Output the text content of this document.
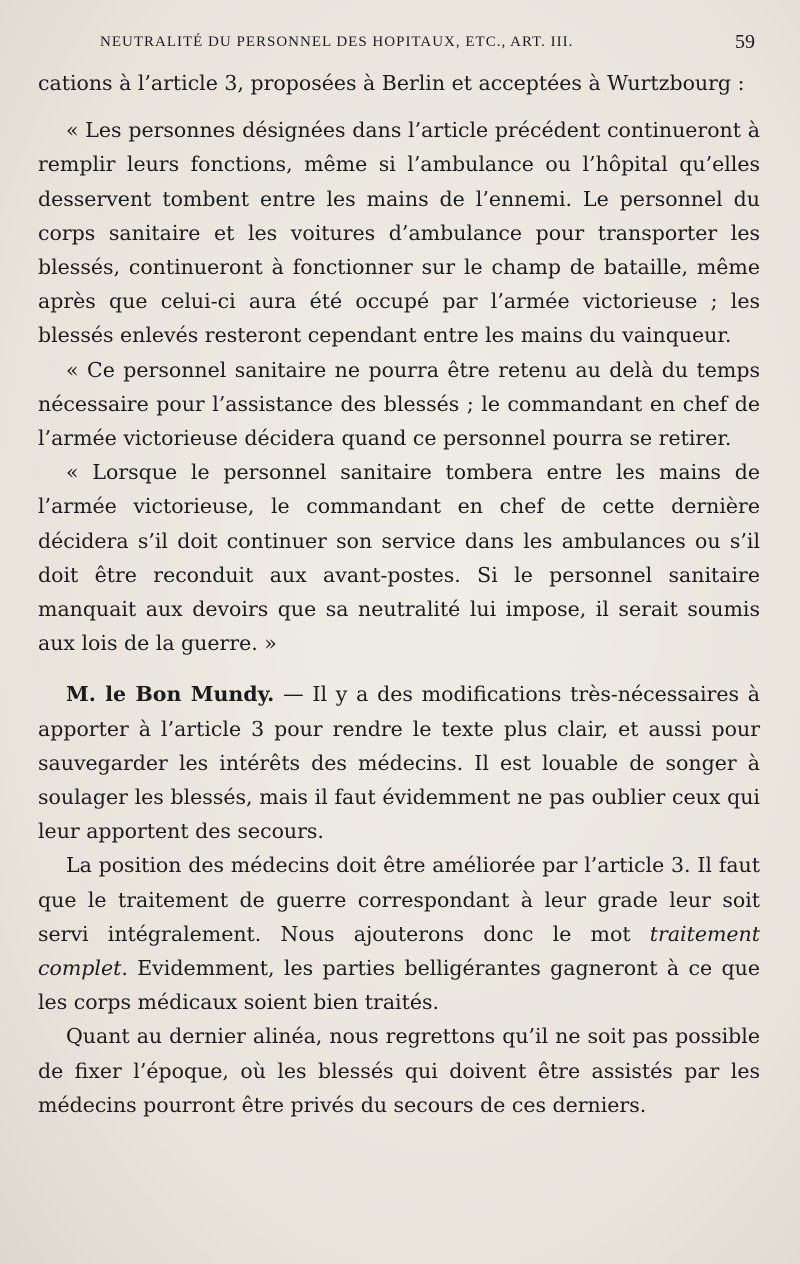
NEUTRALITÉ DU PERSONNEL DES HOPITAUX, ETC., ART. III.	59

cations à l’article 3, proposées à Berlin et acceptées à Wurtzbourg :

« Les personnes désignées dans l’article précédent continueront à remplir leurs fonctions, même si l’ambulance ou l’hôpital qu’elles desservent tombent entre les mains de l’ennemi. Le personnel du corps sanitaire et les voitures d’ambulance pour transporter les blessés, continueront à fonctionner sur le champ de bataille, même après que celui-ci aura été occupé par l’armée victorieuse ; les blessés enlevés resteront cependant entre les mains du vainqueur.

« Ce personnel sanitaire ne pourra être retenu au delà du temps nécessaire pour l’assistance des blessés ; le commandant en chef de l’armée victorieuse décidera quand ce personnel pourra se retirer.

« Lorsque le personnel sanitaire tombera entre les mains de l’armée victorieuse, le commandant en chef de cette dernière décidera s’il doit continuer son service dans les ambulances ou s’il doit être reconduit aux avant-postes. Si le personnel sanitaire manquait aux devoirs que sa neutralité lui impose, il serait soumis aux lois de la guerre. »

M. le Bon Mundy. — Il y a des modifications très-nécessaires à apporter à l’article 3 pour rendre le texte plus clair, et aussi pour sauvegarder les intérêts des médecins. Il est louable de songer à soulager les blessés, mais il faut évidemment ne pas oublier ceux qui leur apportent des secours.

La position des médecins doit être améliorée par l’article 3. Il faut que le traitement de guerre correspondant à leur grade leur soit servi intégralement. Nous ajouterons donc le mot traitement complet. Evidemment, les parties belligérantes gagneront à ce que les corps médicaux soient bien traités.

Quant au dernier alinéa, nous regrettons qu’il ne soit pas possible de fixer l’époque, où les blessés qui doivent être assistés par les médecins pourront être privés du secours de ces derniers.
